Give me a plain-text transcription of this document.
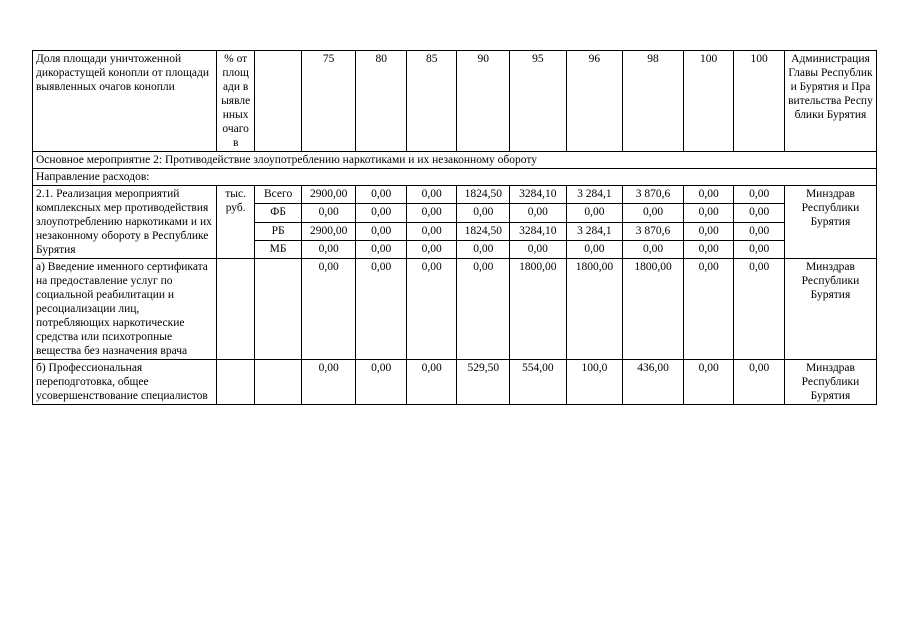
Доля площади уничтоженной дикорастущей конопли от площади выявленных очагов конопли	% от площади выявленных очагов		75	80	85	90	95	96	98	100	100	Администрация Главы Республики Бурятия и Правительства Республики Бурятия
Основное мероприятие 2: Противодействие злоупотреблению наркотиками и их незаконному обороту												
Направление расходов:												
2.1. Реализация мероприятий комплексных мер противодействия злоупотреблению наркотиками и их незаконному обороту в Республике Бурятия	тыс. руб.	Всего	2900,00	0,00	0,00	1824,50	3284,10	3 284,1	3 870,6	0,00	0,00	Минздрав Республики Бурятия
		ФБ	0,00	0,00	0,00	0,00	0,00	0,00	0,00	0,00	0,00	
		РБ	2900,00	0,00	0,00	1824,50	3284,10	3 284,1	3 870,6	0,00	0,00	
		МБ	0,00	0,00	0,00	0,00	0,00	0,00	0,00	0,00	0,00	
а) Введение именного сертификата на предоставление услуг по социальной реабилитации и ресоциализации лиц, потребляющих наркотические средства или психотропные вещества без назначения врача			0,00	0,00	0,00	0,00	1800,00	1800,00	1800,00	0,00	0,00	Минздрав Республики Бурятия
б) Профессиональная переподготовка, общее усовершенствование специалистов			0,00	0,00	0,00	529,50	554,00	100,0	436,00	0,00	0,00	Минздрав Республики Бурятия
